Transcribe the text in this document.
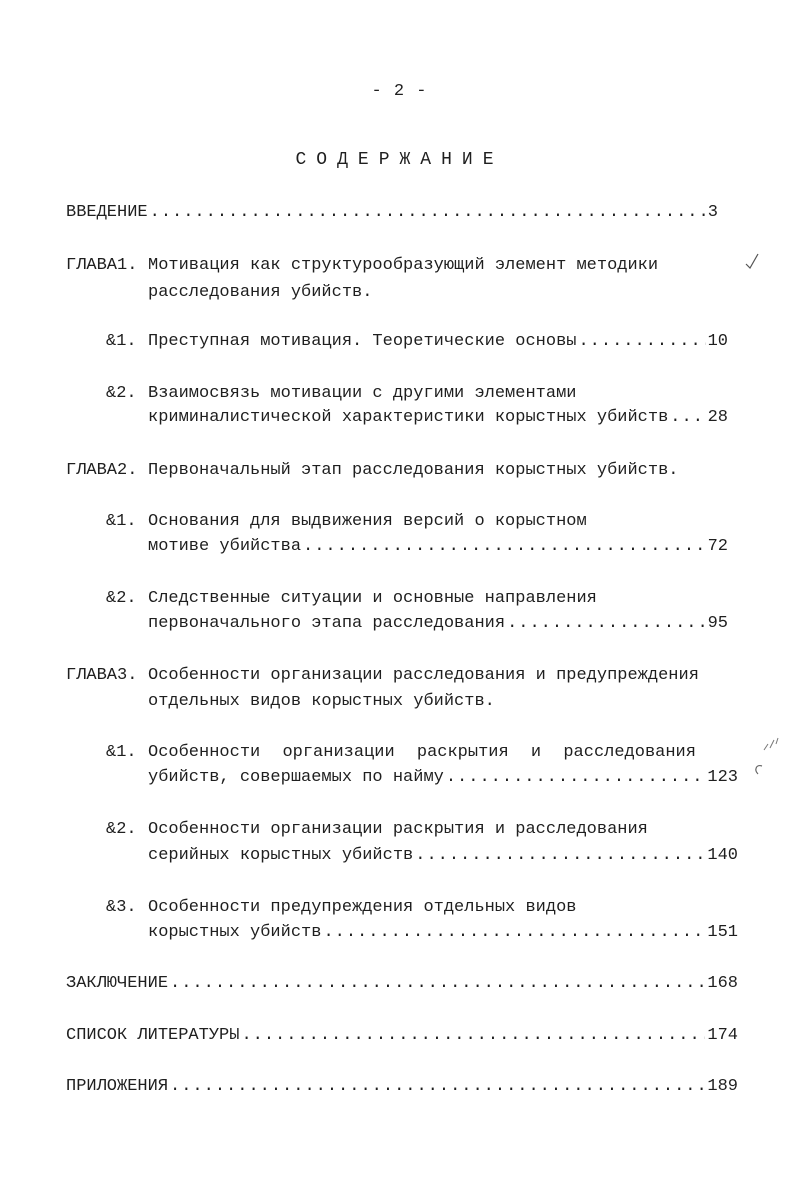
- 2 -
СОДЕРЖАНИЕ
ВВЕДЕНИЕ .....	3
ГЛАВА1. Мотивация как структурообразующий элемент методики
расследования убийств.
&1. Преступная мотивация. Теоретические основы .....	10
&2. Взаимосвязь мотивации с другими элементами
криминалистической характеристики корыстных убийств ..... 28
ГЛАВА2. Первоначальный этап расследования корыстных убийств.
&1. Основания для выдвижения версий о корыстном
мотиве убийства .....	72
&2. Следственные ситуации и основные направления
первоначального этапа расследования .....	95
ГЛАВА3. Особенности организации расследования и предупреждения
отдельных видов корыстных убийств.
&1. Особенности организации раскрытия и расследования
убийств, совершаемых по найму .....	123
&2. Особенности организации раскрытия и расследования
серийных корыстных убийств .....	140
&3. Особенности предупреждения отдельных видов
корыстных убийств .....	151
ЗАКЛЮЧЕНИЕ .....	168
СПИСОК ЛИТЕРАТУРЫ .....	174
ПРИЛОЖЕНИЯ .....	189
